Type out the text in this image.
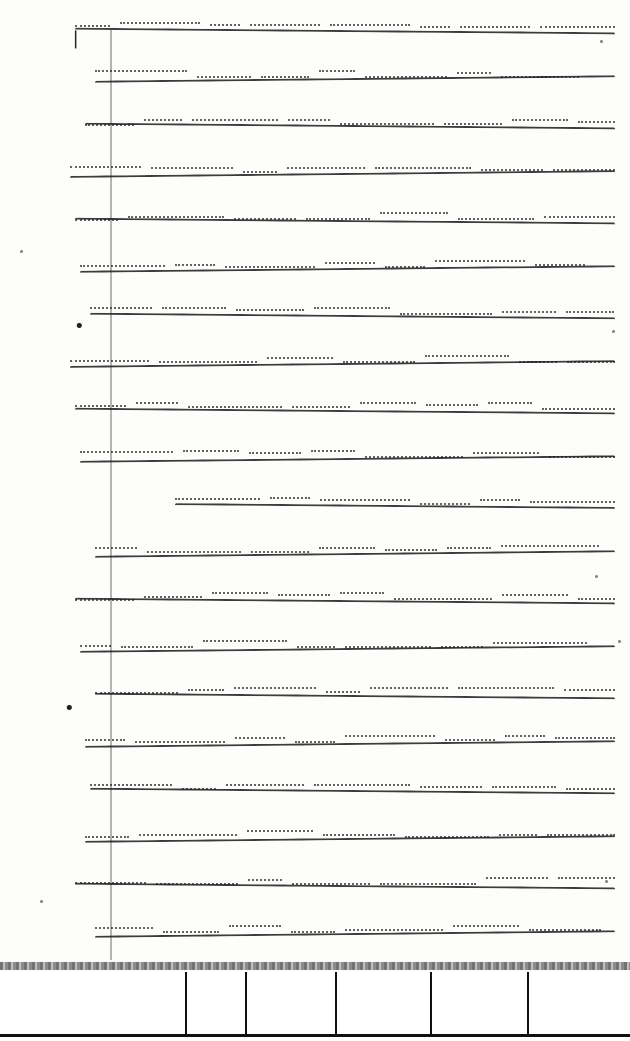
❘
•
•
